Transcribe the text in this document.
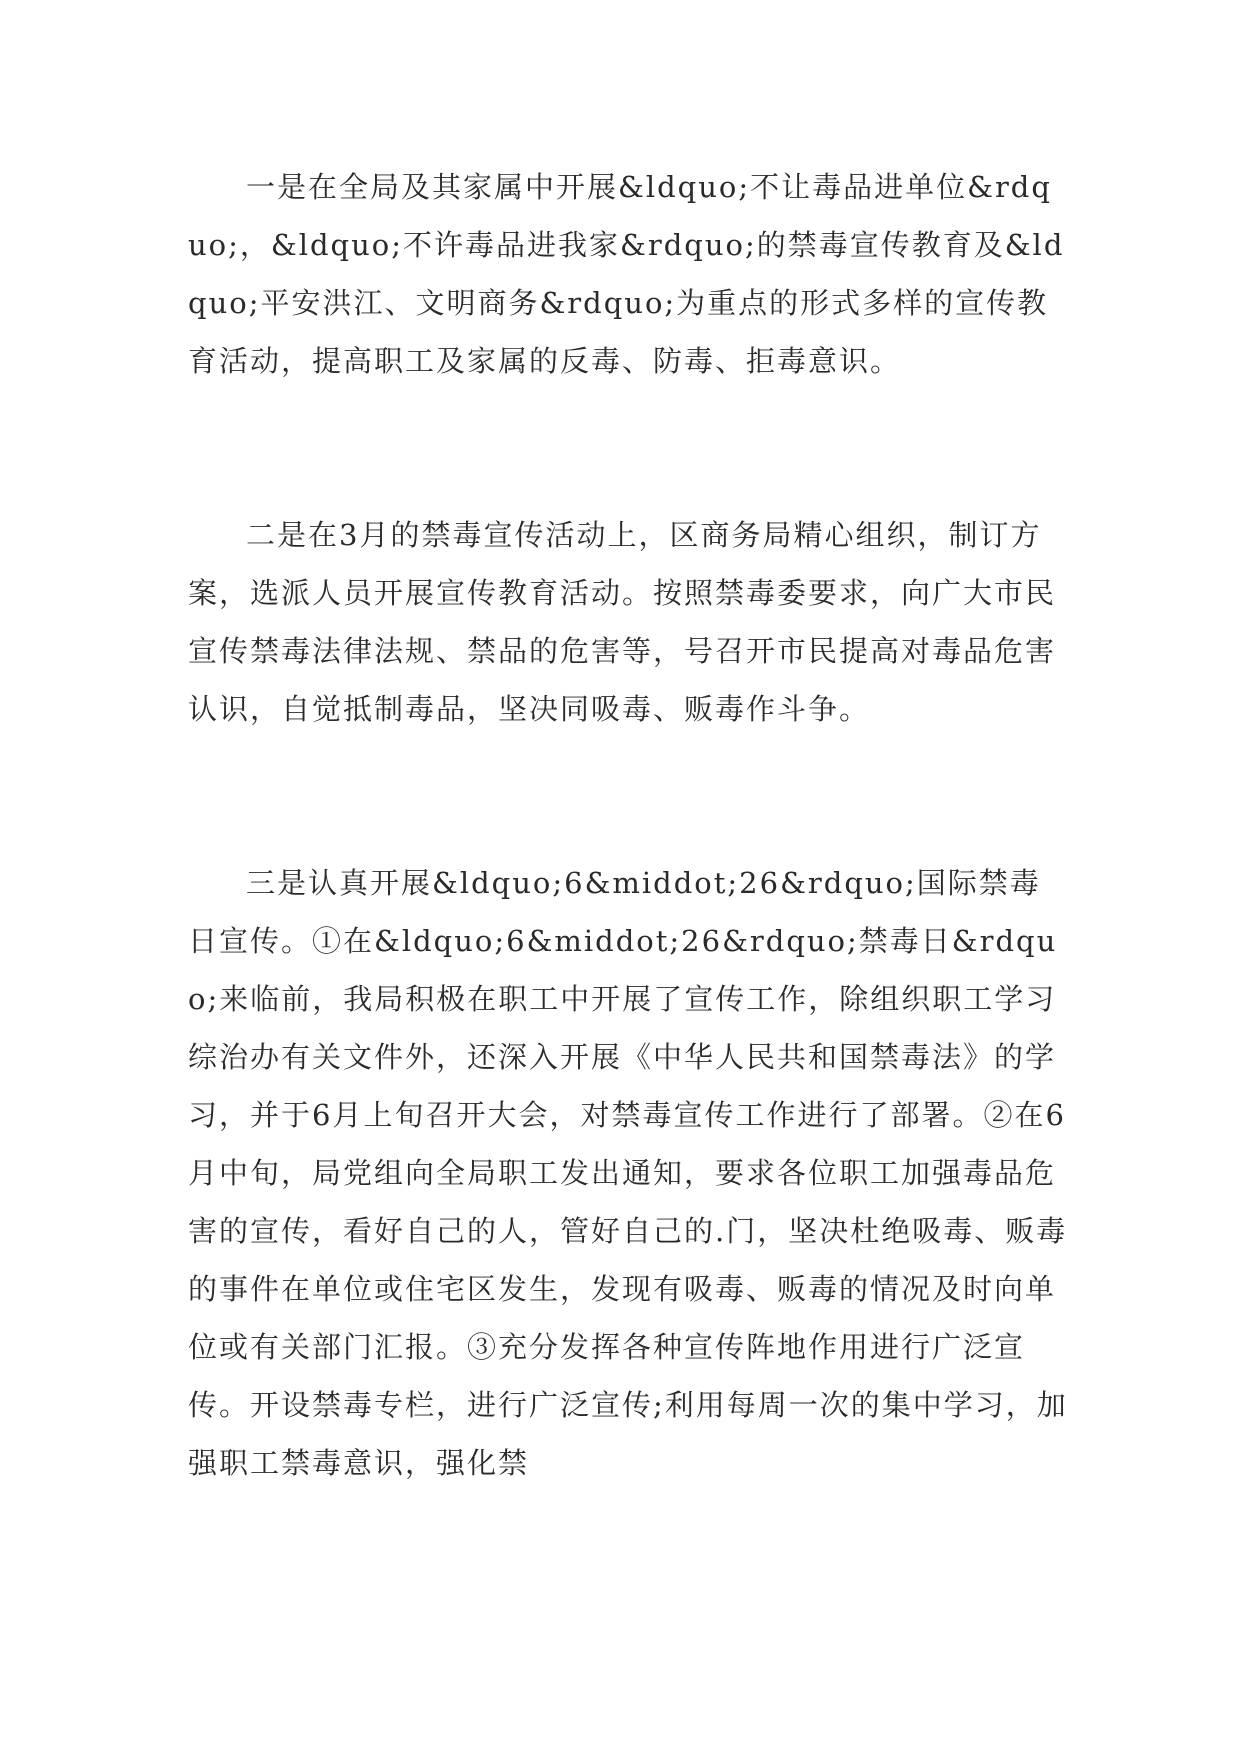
一是在全局及其家属中开展&ldquo;不让毒品进单位&rdquo;，&ldquo;不许毒品进我家&rdquo;的禁毒宣传教育及&ldquo;平安洪江、文明商务&rdquo;为重点的形式多样的宣传教育活动，提高职工及家属的反毒、防毒、拒毒意识。

二是在3月的禁毒宣传活动上，区商务局精心组织，制订方案，选派人员开展宣传教育活动。按照禁毒委要求，向广大市民宣传禁毒法律法规、禁品的危害等，号召开市民提高对毒品危害认识，自觉抵制毒品，坚决同吸毒、贩毒作斗争。

三是认真开展&ldquo;6&middot;26&rdquo;国际禁毒日宣传。①在&ldquo;6&middot;26&rdquo;禁毒日&rdquo;来临前，我局积极在职工中开展了宣传工作，除组织职工学习综治办有关文件外，还深入开展《中华人民共和国禁毒法》的学习，并于6月上旬召开大会，对禁毒宣传工作进行了部署。②在6月中旬，局党组向全局职工发出通知，要求各位职工加强毒品危害的宣传，看好自己的人，管好自己的.门，坚决杜绝吸毒、贩毒的事件在单位或住宅区发生，发现有吸毒、贩毒的情况及时向单位或有关部门汇报。③充分发挥各种宣传阵地作用进行广泛宣传。开设禁毒专栏，进行广泛宣传;利用每周一次的集中学习，加强职工禁毒意识，强化禁
